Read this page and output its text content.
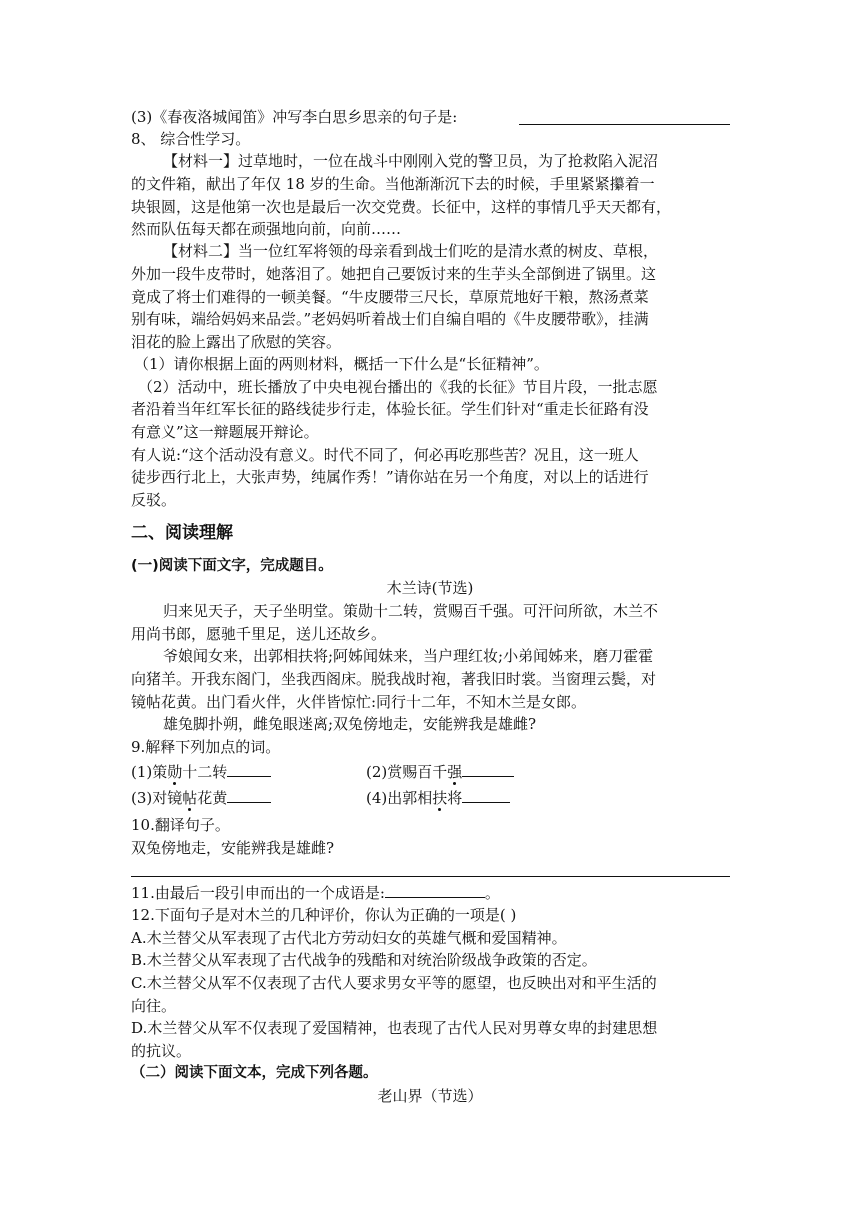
(3)《春夜洛城闻笛》冲写李白思乡思亲的句子是:
8、 综合性学习。
【材料一】过草地时，一位在战斗中刚刚入党的警卫员，为了抢救陷入泥沼
的文件箱，献出了年仅 18 岁的生命。当他渐渐沉下去的时候，手里紧紧攥着一
块银圆，这是他第一次也是最后一次交党费。长征中，这样的事情几乎天天都有，
然而队伍每天都在顽强地向前，向前……
【材料二】当一位红军将领的母亲看到战士们吃的是清水煮的树皮、草根，
外加一段牛皮带时，她落泪了。她把自己要饭讨来的生芋头全部倒进了锅里。这
竟成了将士们难得的一顿美餐。“牛皮腰带三尺长，草原荒地好干粮，熬汤煮菜
别有味，端给妈妈来品尝。”老妈妈听着战士们自编自唱的《牛皮腰带歌》，挂满
泪花的脸上露出了欣慰的笑容。
（1）请你根据上面的两则材料，概括一下什么是“长征精神”。
（2）活动中，班长播放了中央电视台播出的《我的长征》节目片段，一批志愿
者沿着当年红军长征的路线徒步行走，体验长征。学生们针对“重走长征路有没
有意义”这一辩题展开辩论。
有人说:“这个活动没有意义。时代不同了，何必再吃那些苦？况且，这一班人
徒步西行北上，大张声势，纯属作秀！”请你站在另一个角度，对以上的话进行
反驳。
二、阅读理解
(一)阅读下面文字，完成题目。
木兰诗(节选)
归来见天子，天子坐明堂。策勋十二转，赏赐百千强。可汗问所欲，木兰不
用尚书郎，愿驰千里足，送儿还故乡。
爷娘闻女来，出郭相扶将;阿姊闻妹来，当户理红妆;小弟闻姊来，磨刀霍霍
向猪羊。开我东阁门，坐我西阁床。脱我战时袍，著我旧时裳。当窗理云鬓，对
镜帖花黄。出门看火伴，火伴皆惊忙:同行十二年，不知木兰是女郎。
雄兔脚扑朔，雌兔眼迷离;双兔傍地走，安能辨我是雄雌?
9.解释下列加点的词。
(1)策勋十二转	(2)赏赐百千强
(3)对镜帖花黄	(4)出郭相扶将
10.翻译句子。
双兔傍地走，安能辨我是雄雌?
11.由最后一段引申而出的一个成语是:	。
12.下面句子是对木兰的几种评价，你认为正确的一项是( )
A.木兰替父从军表现了古代北方劳动妇女的英雄气概和爱国精神。
B.木兰替父从军表现了古代战争的残酷和对统治阶级战争政策的否定。
C.木兰替父从军不仅表现了古代人要求男女平等的愿望，也反映出对和平生活的
向往。
D.木兰替父从军不仅表现了爱国精神，也表现了古代人民对男尊女卑的封建思想
的抗议。
（二）阅读下面文本，完成下列各题。
老山界（节选）
